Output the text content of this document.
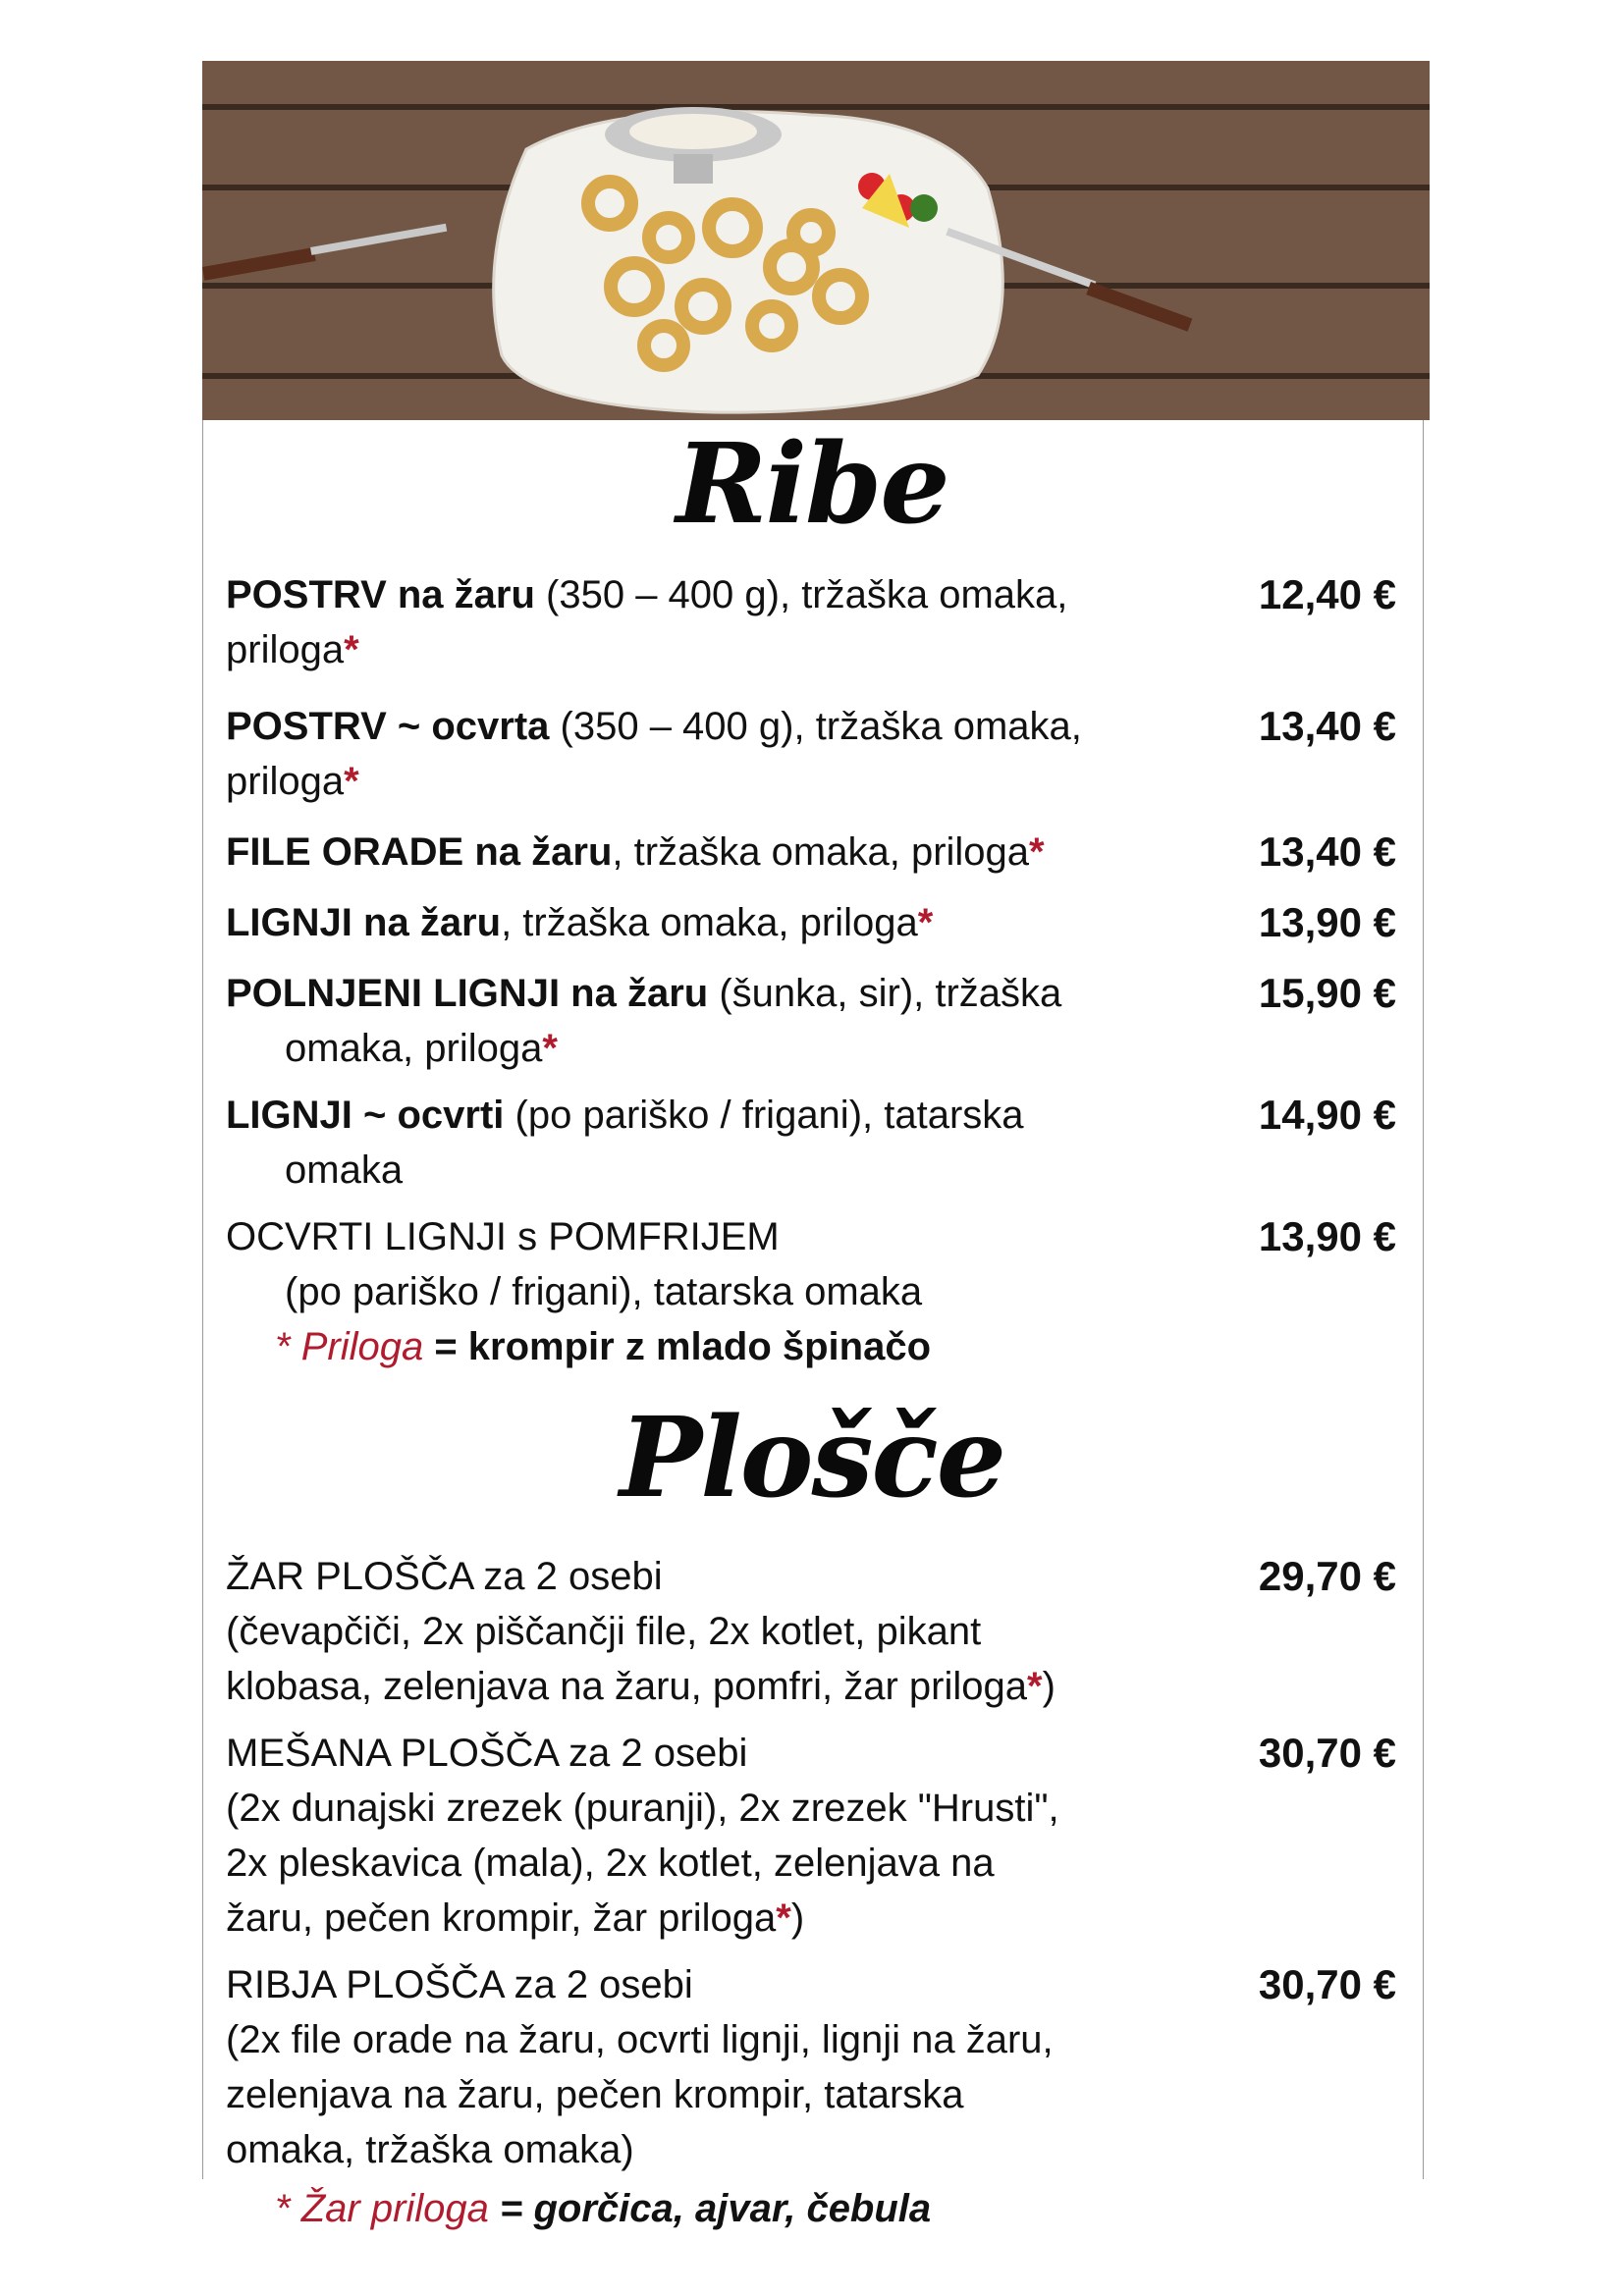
Ribe
POSTRV na žaru (350 – 400 g), tržaška omaka,
priloga*
12,40 €
POSTRV ~ ocvrta (350 – 400 g), tržaška omaka,
priloga*
13,40 €
FILE ORADE na žaru, tržaška omaka, priloga*	13,40 €
LIGNJI na žaru, tržaška omaka, priloga*	13,90 €
POLNJENI LIGNJI na žaru (šunka, sir), tržaška
omaka, priloga*
15,90 €
LIGNJI ~ ocvrti (po pariško / frigani), tatarska
omaka
14,90 €
OCVRTI LIGNJI s POMFRIJEM
(po pariško / frigani), tatarska omaka
13,90 €
* Priloga = krompir z mlado špinačo
Plošče
ŽAR PLOŠČA za 2 osebi
(čevapčiči, 2x piščančji file, 2x kotlet, pikant
klobasa, zelenjava na žaru, pomfri, žar priloga*)
29,70 €
MEŠANA PLOŠČA za 2 osebi
(2x dunajski zrezek (puranji), 2x zrezek "Hrusti",
2x pleskavica (mala), 2x kotlet, zelenjava na
žaru, pečen krompir, žar priloga*)
30,70 €
RIBJA PLOŠČA za 2 osebi
(2x file orade na žaru, ocvrti lignji, lignji na žaru,
zelenjava na žaru, pečen krompir, tatarska
omaka, tržaška omaka)
30,70 €
* Žar priloga = gorčica, ajvar, čebula
